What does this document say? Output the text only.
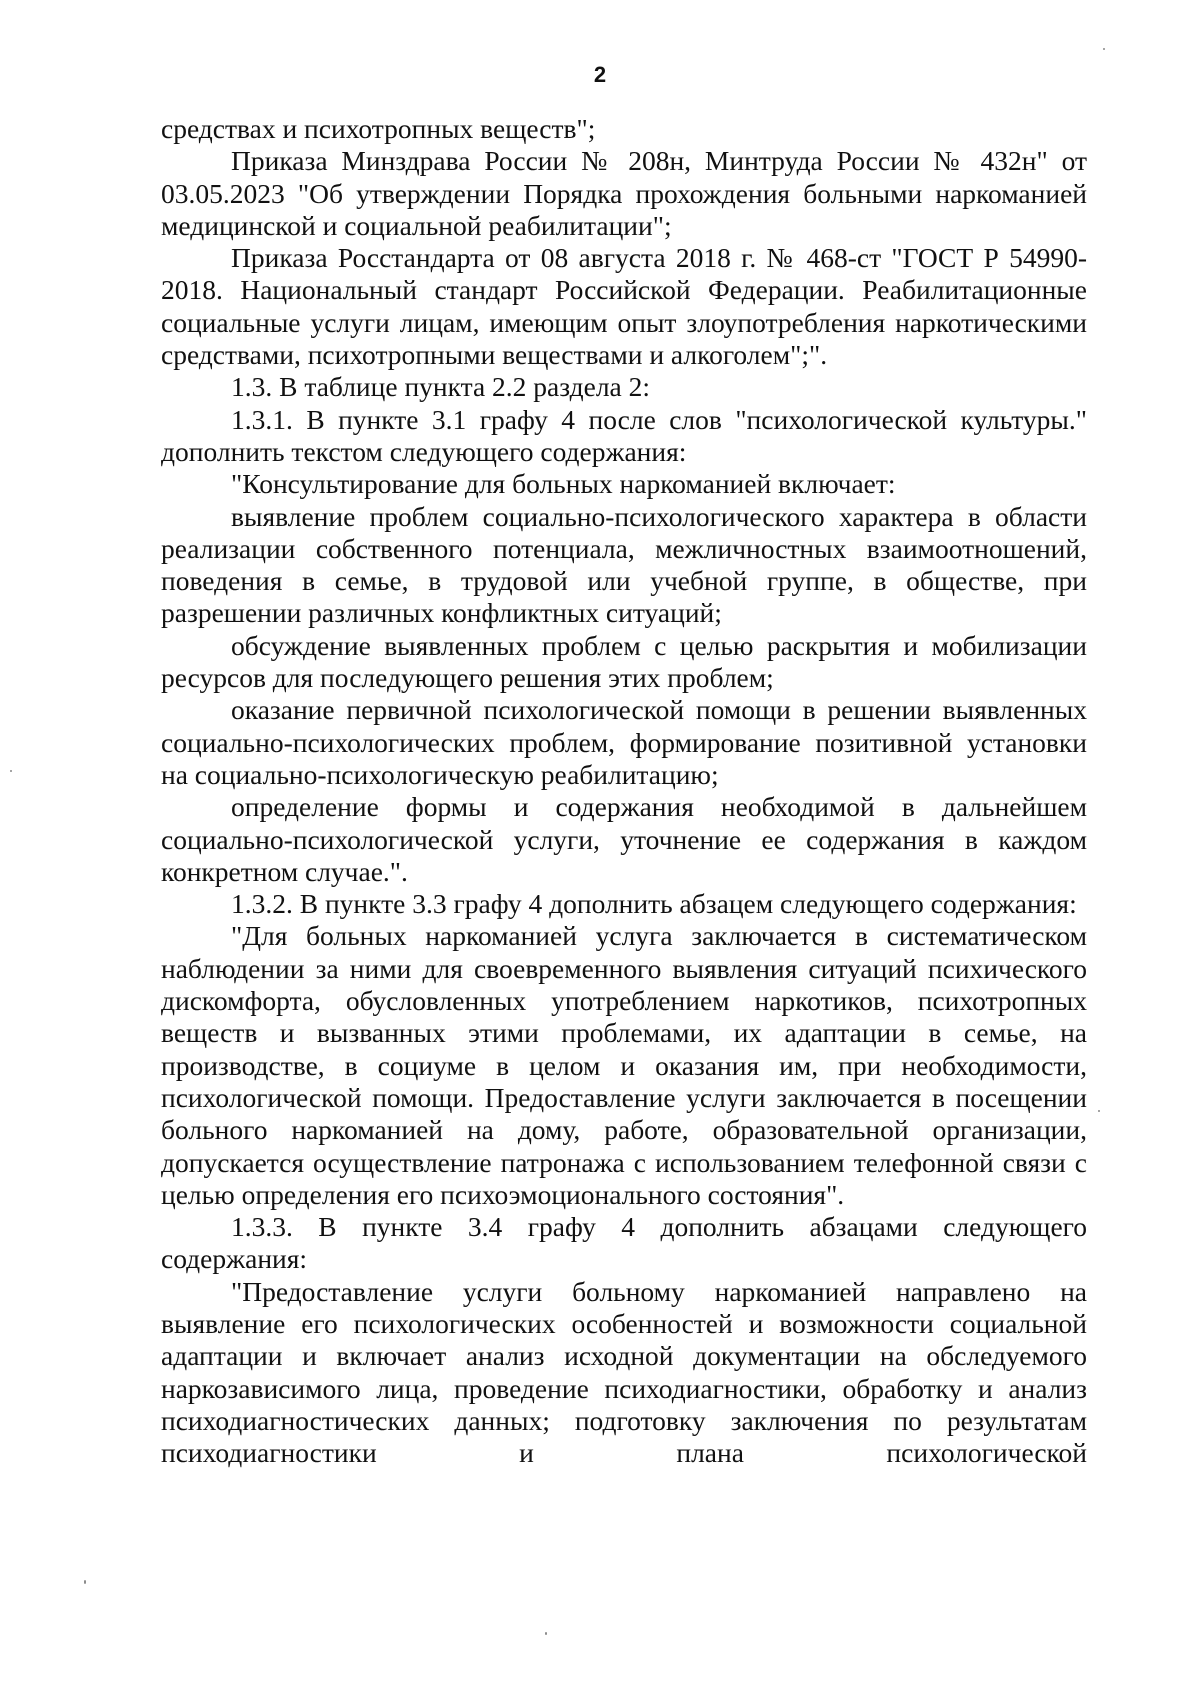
2

средствах и психотропных веществ";

Приказа Минздрава России № 208н, Минтруда России № 432н" от 03.05.2023 "Об утверждении Порядка прохождения больными наркоманией медицинской и социальной реабилитации";

Приказа Росстандарта от 08 августа 2018 г. № 468-ст "ГОСТ Р 54990-2018. Национальный стандарт Российской Федерации. Реабилитационные социальные услуги лицам, имеющим опыт злоупотребления наркотическими средствами, психотропными веществами и алкоголем";".

1.3. В таблице пункта 2.2 раздела 2:

1.3.1. В пункте 3.1 графу 4 после слов "психологической культуры." дополнить текстом следующего содержания:

"Консультирование для больных наркоманией включает:

выявление проблем социально-психологического характера в области реализации собственного потенциала, межличностных взаимоотношений, поведения в семье, в трудовой или учебной группе, в обществе, при разрешении различных конфликтных ситуаций;

обсуждение выявленных проблем с целью раскрытия и мобилизации ресурсов для последующего решения этих проблем;

оказание первичной психологической помощи в решении выявленных социально-психологических проблем, формирование позитивной установки на социально-психологическую реабилитацию;

определение формы и содержания необходимой в дальнейшем социально-психологической услуги, уточнение ее содержания в каждом конкретном случае.".

1.3.2. В пункте 3.3 графу 4 дополнить абзацем следующего содержания:

"Для больных наркоманией услуга заключается в систематическом наблюдении за ними для своевременного выявления ситуаций психического дискомфорта, обусловленных употреблением наркотиков, психотропных веществ и вызванных этими проблемами, их адаптации в семье, на производстве, в социуме в целом и оказания им, при необходимости, психологической помощи. Предоставление услуги заключается в посещении больного наркоманией на дому, работе, образовательной организации, допускается осуществление патронажа с использованием телефонной связи с целью определения его психоэмоционального состояния".

1.3.3. В пункте 3.4 графу 4 дополнить абзацами следующего содержания:

"Предоставление услуги больному наркоманией направлено на выявление его психологических особенностей и возможности социальной адаптации и включает анализ исходной документации на обследуемого наркозависимого лица, проведение психодиагностики, обработку и анализ психодиагностических данных; подготовку заключения по результатам психодиагностики и плана психологической
